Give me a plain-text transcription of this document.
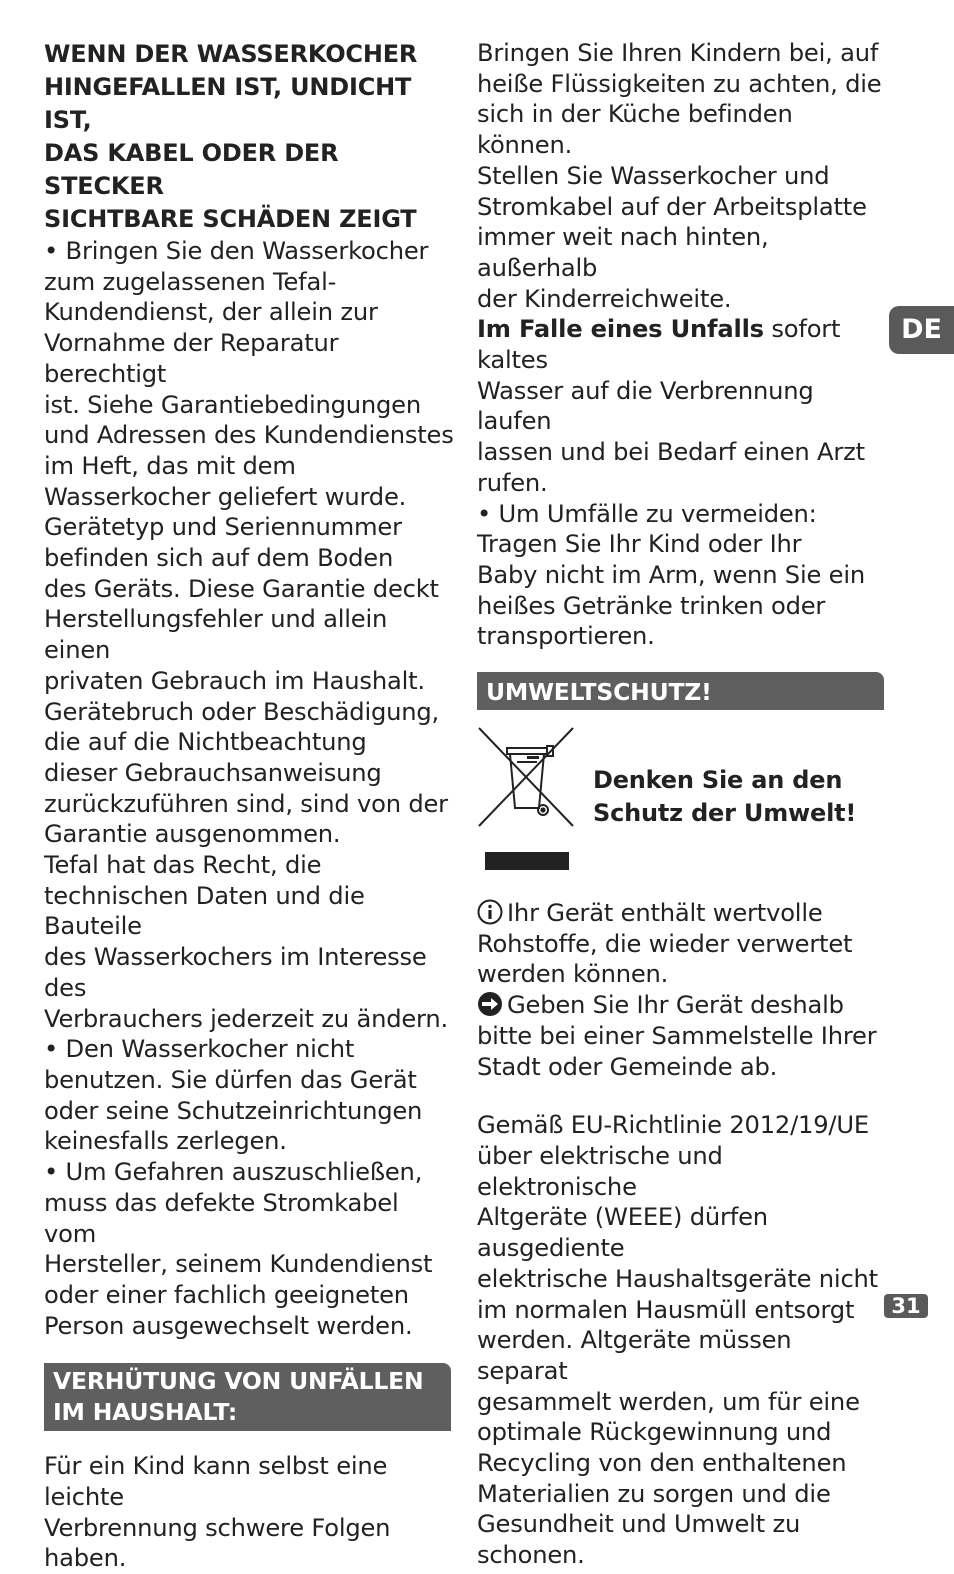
WENN DER WASSERKOCHER
HINGEFALLEN IST, UNDICHT IST,
DAS KABEL ODER DER STECKER
SICHTBARE SCHÄDEN ZEIGT

• Bringen Sie den Wasserkocher
zum zugelassenen Tefal-
Kundendienst, der allein zur
Vornahme der Reparatur berechtigt
ist. Siehe Garantiebedingungen
und Adressen des Kundendienstes
im Heft, das mit dem
Wasserkocher geliefert wurde.
Gerätetyp und Seriennummer
befinden sich auf dem Boden
des Geräts. Diese Garantie deckt
Herstellungsfehler und allein einen
privaten Gebrauch im Haushalt.
Gerätebruch oder Beschädigung,
die auf die Nichtbeachtung
dieser Gebrauchsanweisung
zurückzuführen sind, sind von der
Garantie ausgenommen.
Tefal hat das Recht, die
technischen Daten und die Bauteile
des Wasserkochers im Interesse des
Verbrauchers jederzeit zu ändern.

• Den Wasserkocher nicht
benutzen. Sie dürfen das Gerät
oder seine Schutzeinrichtungen
keinesfalls zerlegen.

• Um Gefahren auszuschließen,
muss das defekte Stromkabel vom
Hersteller, seinem Kundendienst
oder einer fachlich geeigneten
Person ausgewechselt werden.

VERHÜTUNG VON UNFÄLLEN
IM HAUSHALT:

Für ein Kind kann selbst eine leichte
Verbrennung schwere Folgen haben.

Bringen Sie Ihren Kindern bei, auf
heiße Flüssigkeiten zu achten, die
sich in der Küche befinden können.
Stellen Sie Wasserkocher und
Stromkabel auf der Arbeitsplatte
immer weit nach hinten, außerhalb
der Kinderreichweite.

Im Falle eines Unfalls sofort kaltes
Wasser auf die Verbrennung laufen
lassen und bei Bedarf einen Arzt
rufen.

• Um Umfälle zu vermeiden:
Tragen Sie Ihr Kind oder Ihr
Baby nicht im Arm, wenn Sie ein
heißes Getränke trinken oder
transportieren.

UMWELTSCHUTZ!

Denken Sie an den
Schutz der Umwelt!

Ihr Gerät enthält wertvolle
Rohstoffe, die wieder verwertet
werden können.

Geben Sie Ihr Gerät deshalb
bitte bei einer Sammelstelle Ihrer
Stadt oder Gemeinde ab.

Gemäß EU-Richtlinie 2012/19/UE
über elektrische und elektronische
Altgeräte (WEEE) dürfen ausgediente
elektrische Haushaltsgeräte nicht
im normalen Hausmüll entsorgt
werden. Altgeräte müssen separat
gesammelt werden, um für eine
optimale Rückgewinnung und
Recycling von den enthaltenen
Materialien zu sorgen und die
Gesundheit und Umwelt zu schonen.

DE
31
